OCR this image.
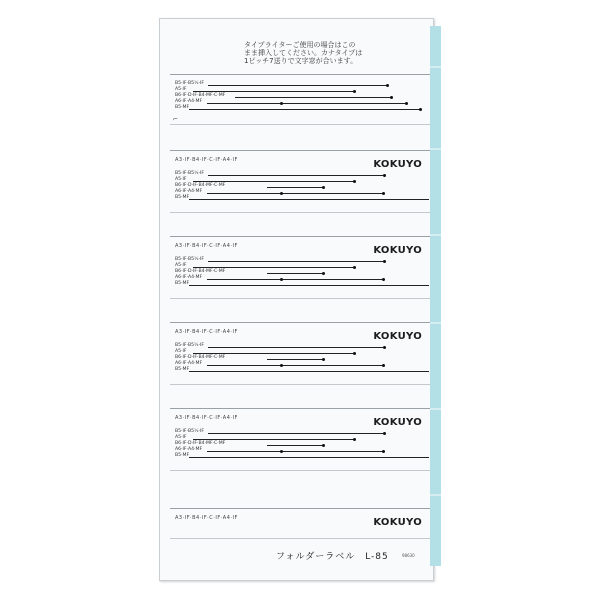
タイプライターご使用の場合はこの
まま挿入してください。カナタイプは
1ピッチ7送りで文字窓が合います。
B5·IF·B5½·IF
A5·IF
B6·IF·D·IF·B4·MF·C·MF
A6·IF·A4·MF
B5·MF
⌐
A3·IF·B4·IF·C·IF·A4·IF	KOKUYO
B5·IF·B5½·IF
A5·IF
B6·IF·D·IF·B4·MF·C·MF
A6·IF·A4·MF
B5·MF
A3·IF·B4·IF·C·IF·A4·IF	KOKUYO
B5·IF·B5½·IF
A5·IF
B6·IF·D·IF·B4·MF·C·MF
A6·IF·A4·MF
B5·MF
A3·IF·B4·IF·C·IF·A4·IF	KOKUYO
B5·IF·B5½·IF
A5·IF
B6·IF·D·IF·B4·MF·C·MF
A6·IF·A4·MF
B5·MF
A3·IF·B4·IF·C·IF·A4·IF	KOKUYO
B5·IF·B5½·IF
A5·IF
B6·IF·D·IF·B4·MF·C·MF
A6·IF·A4·MF
B5·MF
A3·IF·B4·IF·C·IF·A4·IF	KOKUYO
フォルダーラベル　L-85	98630
